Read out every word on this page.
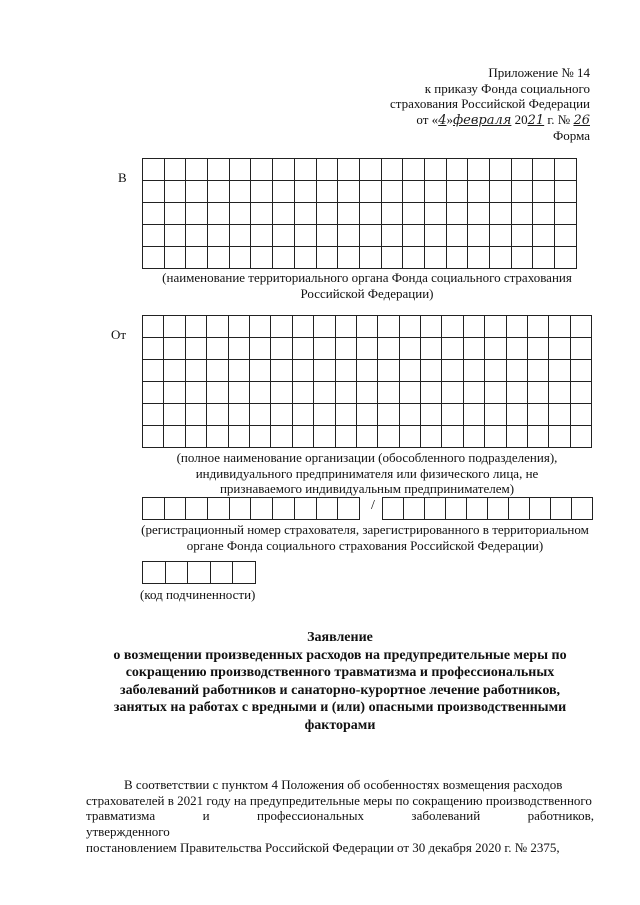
Приложение № 14
к приказу Фонда социального
страхования Российской Федерации
от «4»февраля 2021 г. № 26
Форма
В
(наименование территориального органа Фонда социального страхования
Российской Федерации)
От
(полное наименование организации (обособленного подразделения),
индивидуального предпринимателя или физического лица, не
признаваемого индивидуальным предпринимателем)
/
(регистрационный номер страхователя, зарегистрированного в территориальном
органе Фонда социального страхования Российской Федерации)
(код подчиненности)
Заявление
о возмещении произведенных расходов на предупредительные меры по
сокращению производственного травматизма и профессиональных
заболеваний работников и санаторно-курортное лечение работников,
занятых на работах с вредными и (или) опасными производственными
факторами
В соответствии с пунктом 4 Положения об особенностях возмещения расходов
страхователей в 2021 году на предупредительные меры по сокращению производственного
травматизма и профессиональных заболеваний работников, утвержденного
постановлением Правительства Российской Федерации от 30 декабря 2020 г. № 2375,
